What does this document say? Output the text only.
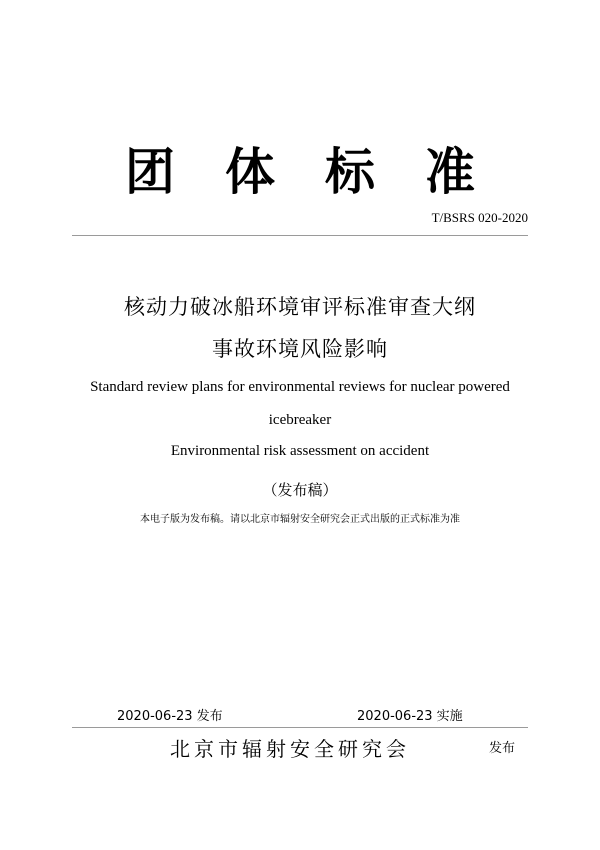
团体标准
T/BSRS 020-2020
核动力破冰船环境审评标准审查大纲
事故环境风险影响
Standard review plans for environmental reviews for nuclear powered
icebreaker
Environmental risk assessment on accident
（发布稿）
本电子版为发布稿。请以北京市辐射安全研究会正式出版的正式标准为准
2020-06-23 发布	2020-06-23 实施
北京市辐射安全研究会	发布
